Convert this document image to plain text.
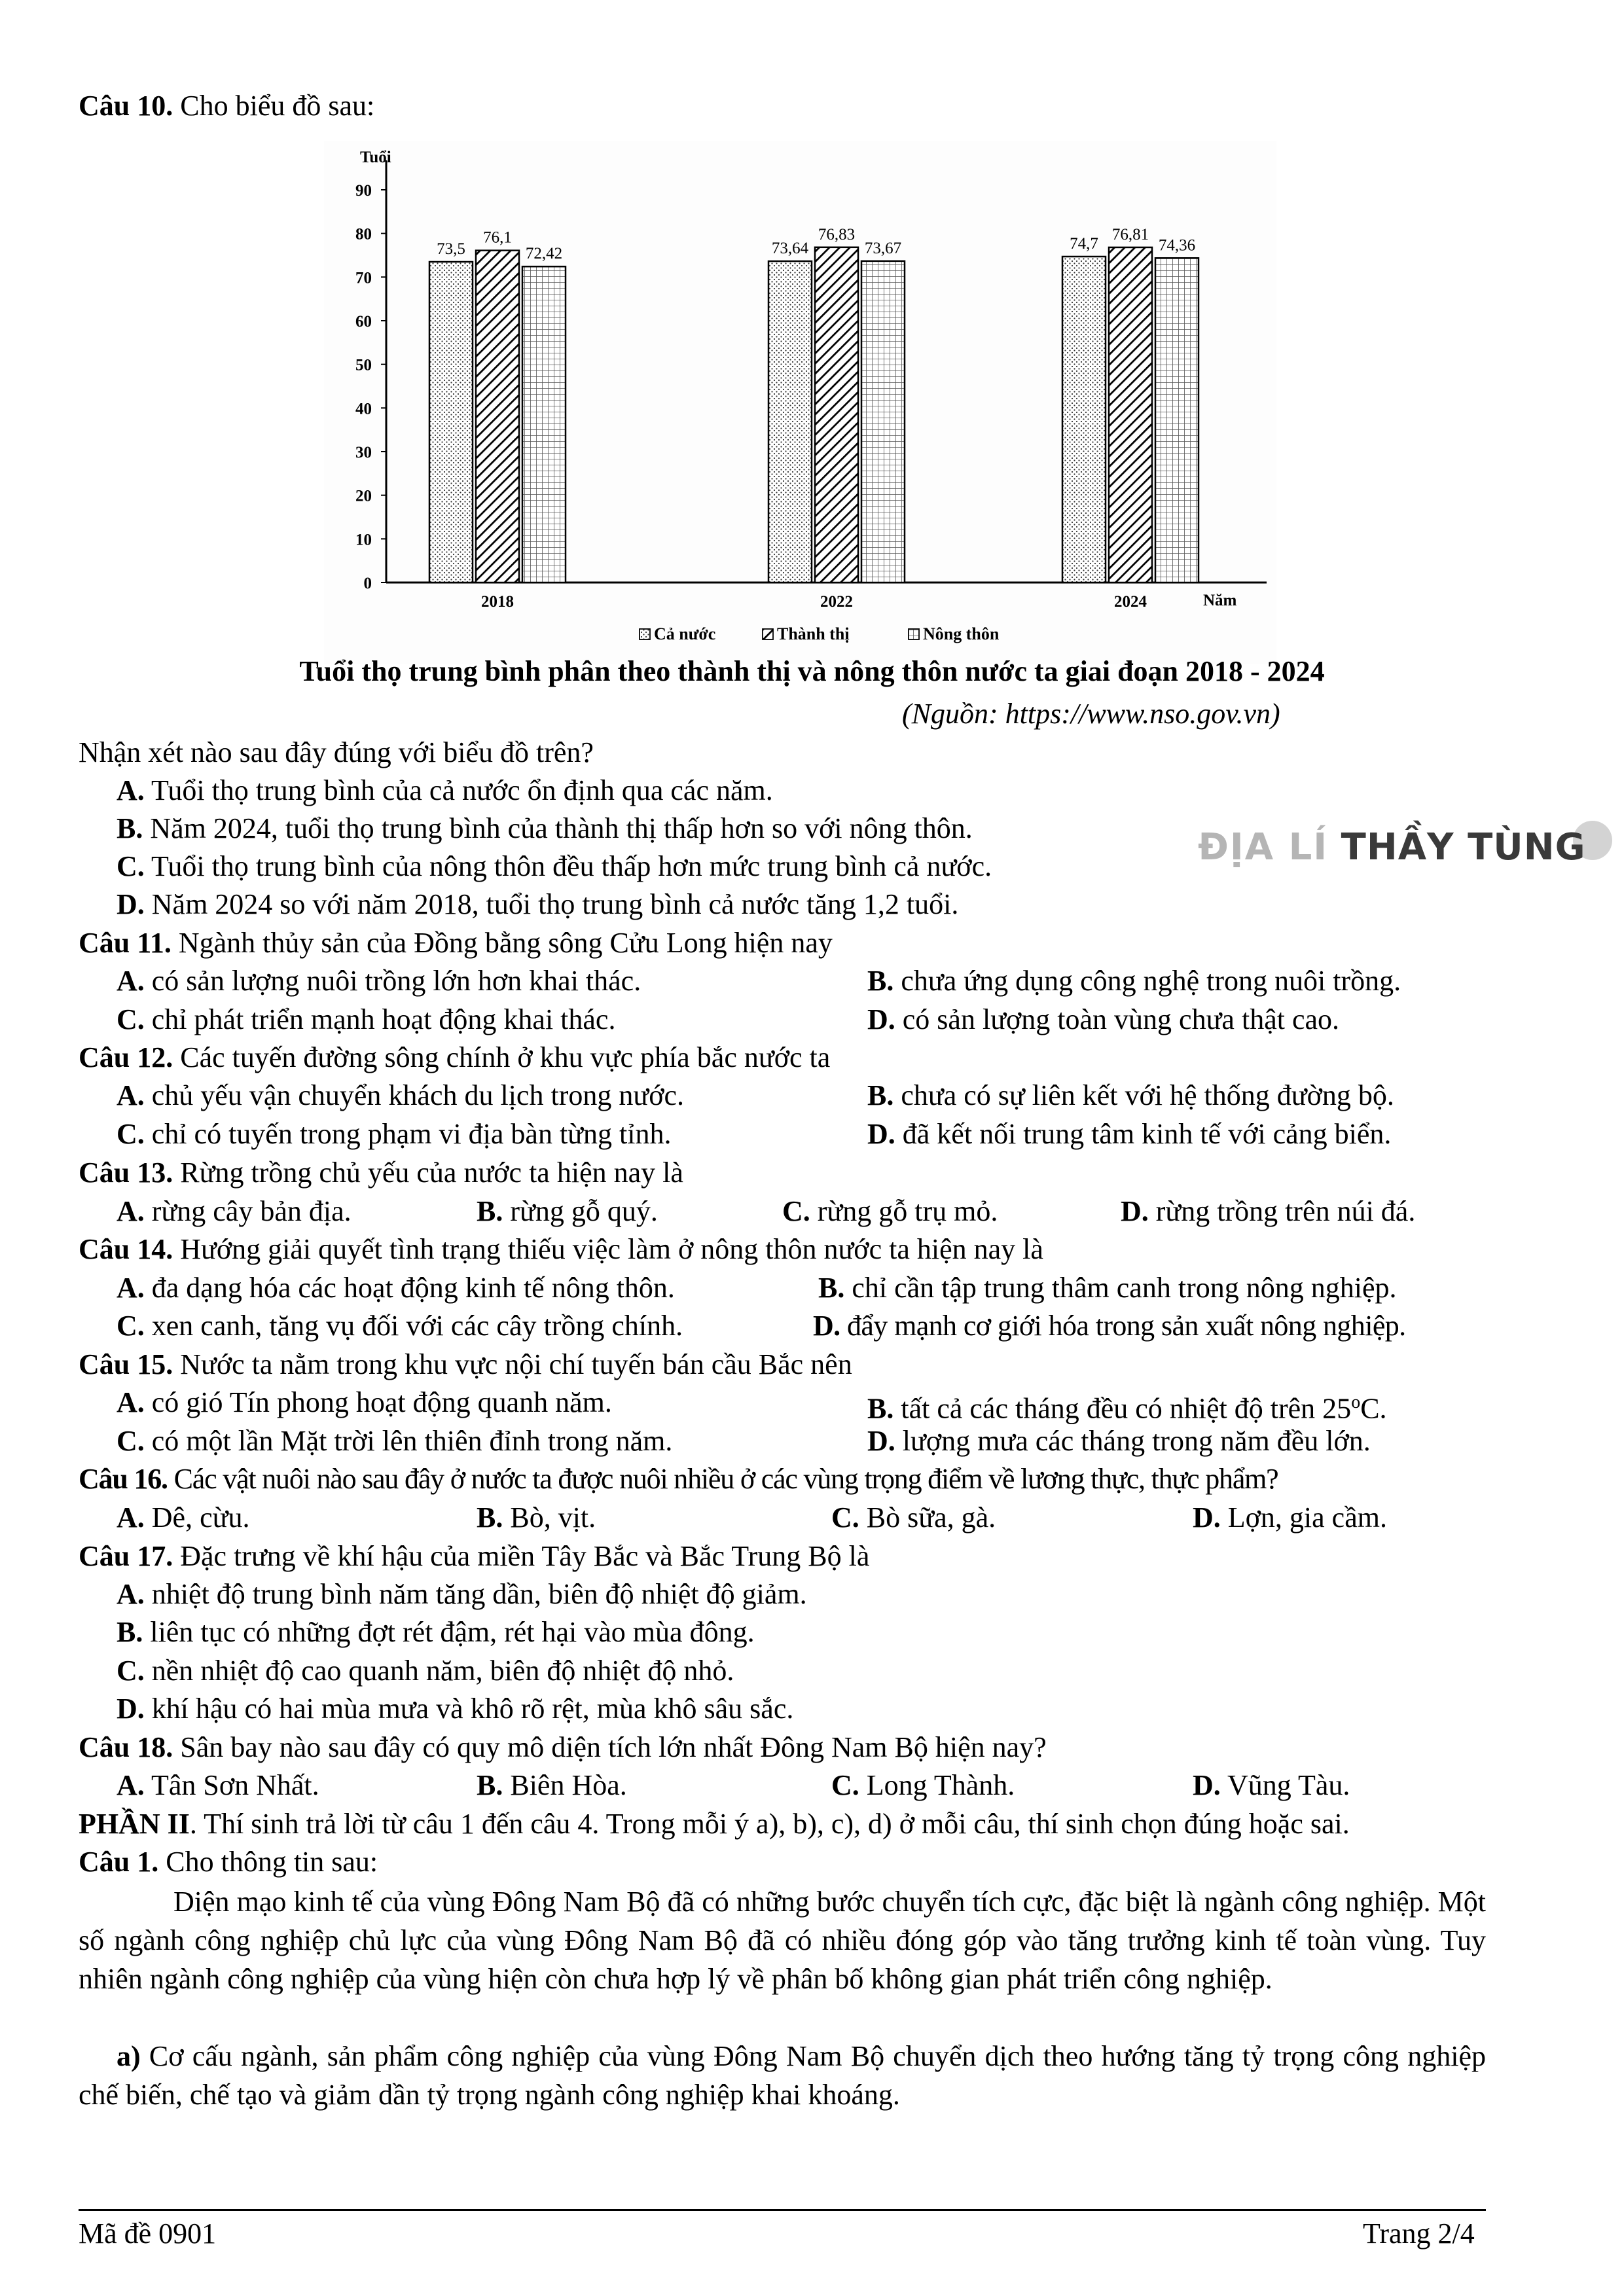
Câu 10. Cho biểu đồ sau:
Tuổi
Năm
0
10
20
30
40
50
60
70
80
90
2018	2022	2024
73,5
76,1
72,42	73,64
76,83
73,67	74,7
76,81
74,36
Cả nước	Thành thị	Nông thôn
Tuổi thọ trung bình phân theo thành thị và nông thôn nước ta giai đoạn 2018 - 2024
(Nguồn: https://www.nso.gov.vn)
Nhận xét nào sau đây đúng với biểu đồ trên?
A. Tuổi thọ trung bình của cả nước ổn định qua các năm.
B. Năm 2024, tuổi thọ trung bình của thành thị thấp hơn so với nông thôn.
C. Tuổi thọ trung bình của nông thôn đều thấp hơn mức trung bình cả nước.
D. Năm 2024 so với năm 2018, tuổi thọ trung bình cả nước tăng 1,2 tuổi.
ĐỊA LÍ THẦY TÙNG
Câu 11. Ngành thủy sản của Đồng bằng sông Cửu Long hiện nay
A. có sản lượng nuôi trồng lớn hơn khai thác.	B. chưa ứng dụng công nghệ trong nuôi trồng.
C. chỉ phát triển mạnh hoạt động khai thác.	D. có sản lượng toàn vùng chưa thật cao.
Câu 12. Các tuyến đường sông chính ở khu vực phía bắc nước ta
A. chủ yếu vận chuyển khách du lịch trong nước.	B. chưa có sự liên kết với hệ thống đường bộ.
C. chỉ có tuyến trong phạm vi địa bàn từng tỉnh.	D. đã kết nối trung tâm kinh tế với cảng biển.
Câu 13. Rừng trồng chủ yếu của nước ta hiện nay là
A. rừng cây bản địa.	B. rừng gỗ quý.	C. rừng gỗ trụ mỏ.	D. rừng trồng trên núi đá.
Câu 14. Hướng giải quyết tình trạng thiếu việc làm ở nông thôn nước ta hiện nay là
A. đa dạng hóa các hoạt động kinh tế nông thôn.	B. chỉ cần tập trung thâm canh trong nông nghiệp.
C. xen canh, tăng vụ đối với các cây trồng chính.	D. đẩy mạnh cơ giới hóa trong sản xuất nông nghiệp.
Câu 15. Nước ta nằm trong khu vực nội chí tuyến bán cầu Bắc nên
A. có gió Tín phong hoạt động quanh năm.	B. tất cả các tháng đều có nhiệt độ trên 25$^o$C.
C. có một lần Mặt trời lên thiên đỉnh trong năm.	D. lượng mưa các tháng trong năm đều lớn.
Câu 16. Các vật nuôi nào sau đây ở nước ta được nuôi nhiều ở các vùng trọng điểm về lương thực, thực phẩm?
A. Dê, cừu.	B. Bò, vịt.	C. Bò sữa, gà.	D. Lợn, gia cầm.
Câu 17. Đặc trưng về khí hậu của miền Tây Bắc và Bắc Trung Bộ là
A. nhiệt độ trung bình năm tăng dần, biên độ nhiệt độ giảm.
B. liên tục có những đợt rét đậm, rét hại vào mùa đông.
C. nền nhiệt độ cao quanh năm, biên độ nhiệt độ nhỏ.
D. khí hậu có hai mùa mưa và khô rõ rệt, mùa khô sâu sắc.
Câu 18. Sân bay nào sau đây có quy mô diện tích lớn nhất Đông Nam Bộ hiện nay?
A. Tân Sơn Nhất.	B. Biên Hòa.	C. Long Thành.	D. Vũng Tàu.
PHẦN II. Thí sinh trả lời từ câu 1 đến câu 4. Trong mỗi ý a), b), c), d) ở mỗi câu, thí sinh chọn đúng hoặc sai.
Câu 1. Cho thông tin sau:
Diện mạo kinh tế của vùng Đông Nam Bộ đã có những bước chuyển tích cực, đặc biệt là ngành công nghiệp. Một số ngành công nghiệp chủ lực của vùng Đông Nam Bộ đã có nhiều đóng góp vào tăng trưởng kinh tế toàn vùng. Tuy nhiên ngành công nghiệp của vùng hiện còn chưa hợp lý về phân bố không gian phát triển công nghiệp.
a) Cơ cấu ngành, sản phẩm công nghiệp của vùng Đông Nam Bộ chuyển dịch theo hướng tăng tỷ trọng công nghiệp chế biến, chế tạo và giảm dần tỷ trọng ngành công nghiệp khai khoáng.
Mã đề 0901	Trang 2/4
